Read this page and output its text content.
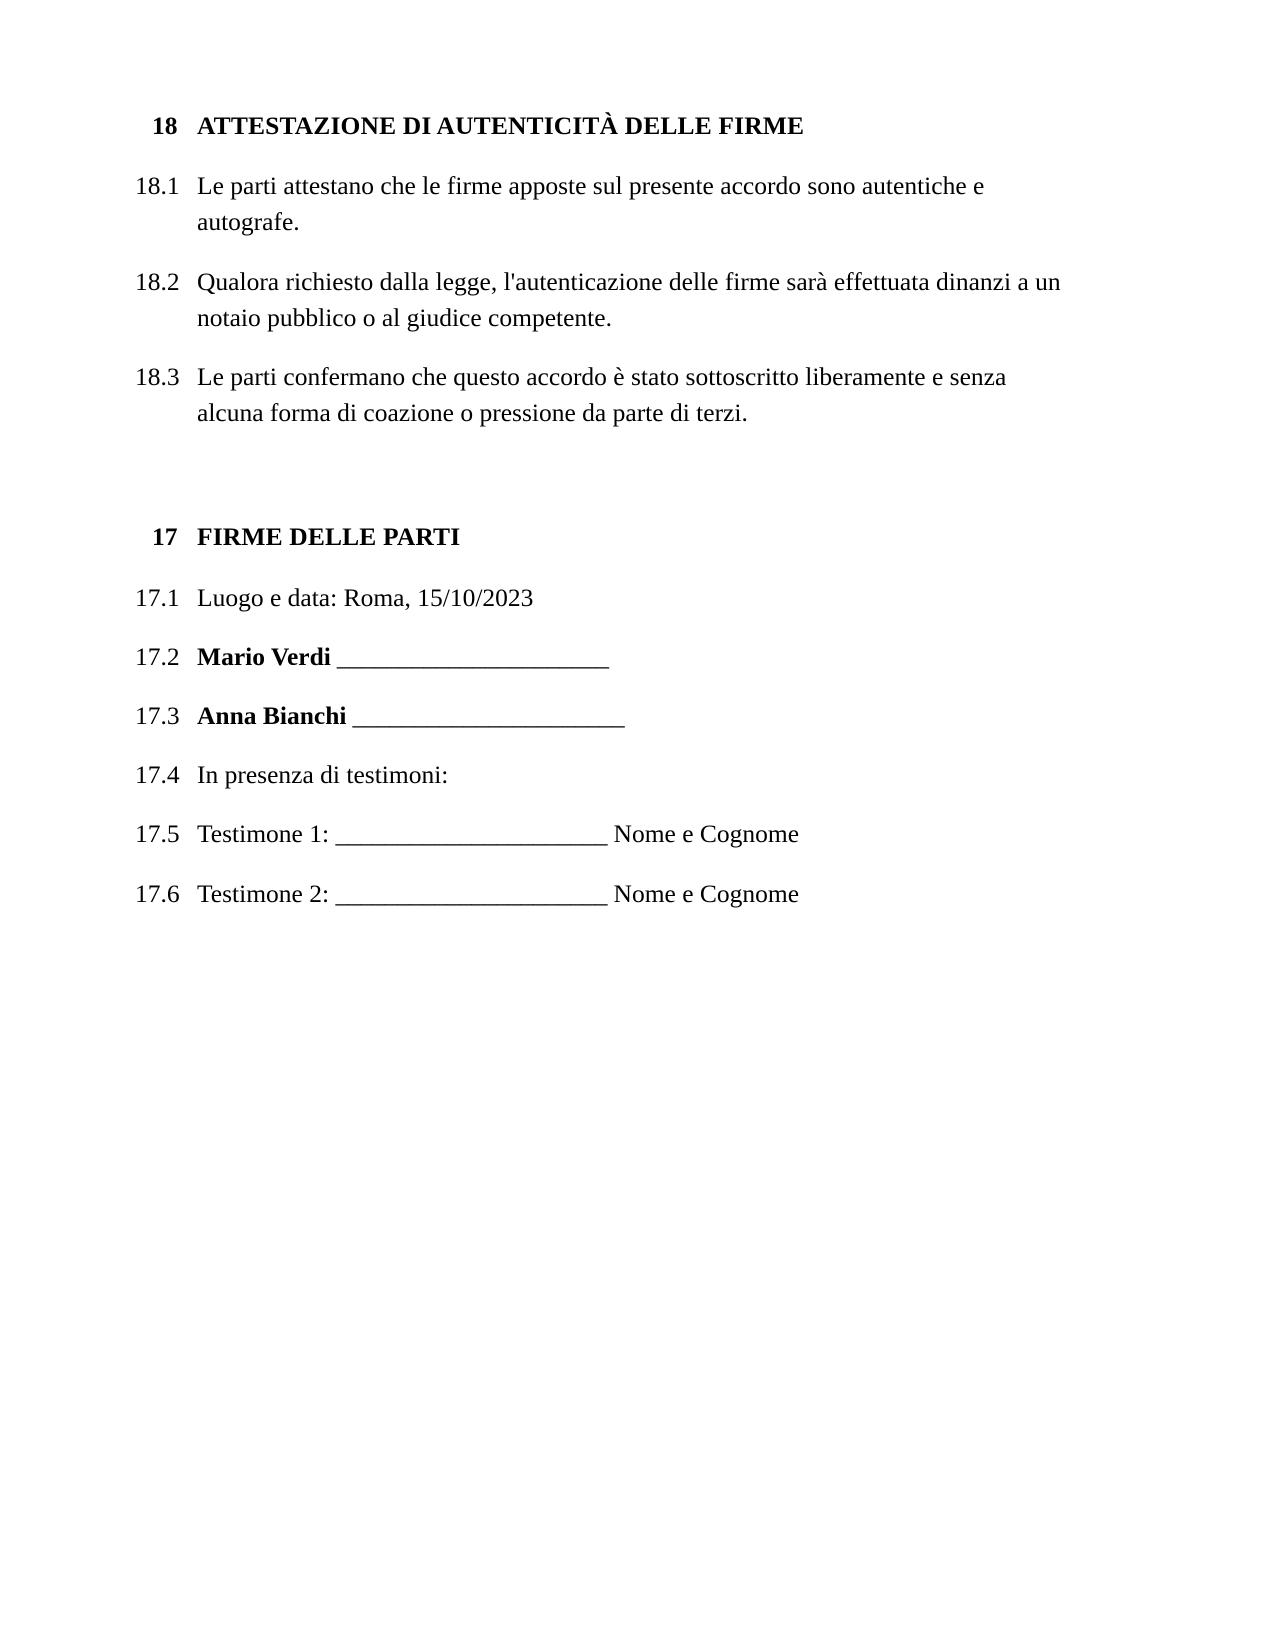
18 ATTESTAZIONE DI AUTENTICITÀ DELLE FIRME
18.1 Le parti attestano che le firme apposte sul presente accordo sono autentiche e autografe.
18.2 Qualora richiesto dalla legge, l'autenticazione delle firme sarà effettuata dinanzi a un notaio pubblico o al giudice competente.
18.3 Le parti confermano che questo accordo è stato sottoscritto liberamente e senza alcuna forma di coazione o pressione da parte di terzi.
17 FIRME DELLE PARTI
17.1 Luogo e data: Roma, 15/10/2023
17.2 Mario Verdi ______________________
17.3 Anna Bianchi ______________________
17.4 In presenza di testimoni:
17.5 Testimone 1: ______________________ Nome e Cognome
17.6 Testimone 2: ______________________ Nome e Cognome
